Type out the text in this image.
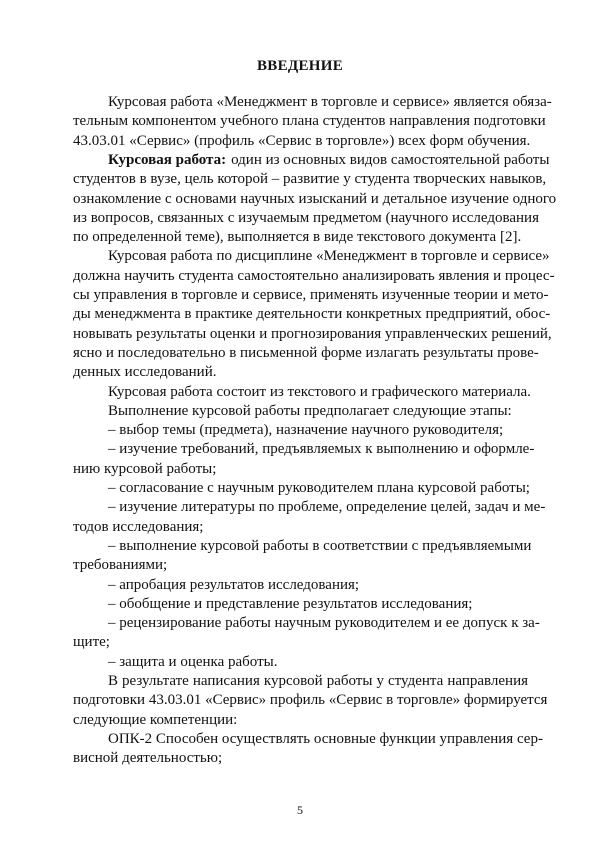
ВВЕДЕНИЕ
Курсовая работа «Менеджмент в торговле и сервисе» является обяза-
тельным компонентом учебного плана студентов направления подготовки
43.03.01 «Сервис» (профиль «Сервис в торговле») всех форм обучения.
Курсовая работа: один из основных видов самостоятельной работы
студентов в вузе, цель которой – развитие у студента творческих навыков,
ознакомление с основами научных изысканий и детальное изучение одного
из вопросов, связанных с изучаемым предметом (научного исследования
по определенной теме), выполняется в виде текстового документа [2].
Курсовая работа по дисциплине «Менеджмент в торговле и сервисе»
должна научить студента самостоятельно анализировать явления и процес-
сы управления в торговле и сервисе, применять изученные теории и мето-
ды менеджмента в практике деятельности конкретных предприятий, обос-
новывать результаты оценки и прогнозирования управленческих решений,
ясно и последовательно в письменной форме излагать результаты прове-
денных исследований.
Курсовая работа состоит из текстового и графического материала.
Выполнение курсовой работы предполагает следующие этапы:
– выбор темы (предмета), назначение научного руководителя;
– изучение требований, предъявляемых к выполнению и оформле-
нию курсовой работы;
– согласование с научным руководителем плана курсовой работы;
– изучение литературы по проблеме, определение целей, задач и ме-
тодов исследования;
– выполнение курсовой работы в соответствии с предъявляемыми
требованиями;
– апробация результатов исследования;
– обобщение и представление результатов исследования;
– рецензирование работы научным руководителем и ее допуск к за-
щите;
– защита и оценка работы.
5
В результате написания курсовой работы у студента направления
подготовки 43.03.01 «Сервис» профиль «Сервис в торговле» формируется
следующие компетенции:
ОПК-2 Способен осуществлять основные функции управления сер-
висной деятельностью;
